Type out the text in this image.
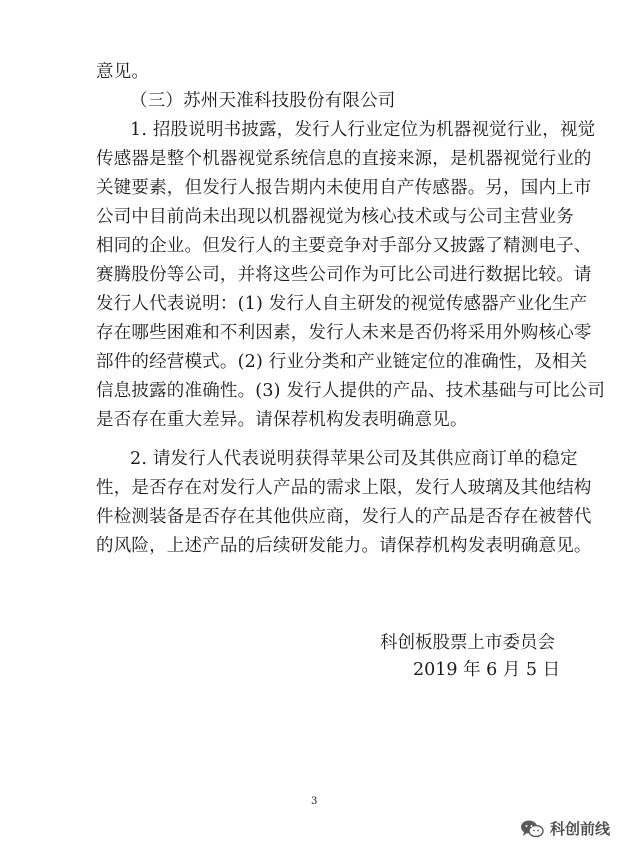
意见。
（三）苏州天准科技股份有限公司
1. 招股说明书披露，发行人行业定位为机器视觉行业，视觉
传感器是整个机器视觉系统信息的直接来源，是机器视觉行业的
关键要素，但发行人报告期内未使用自产传感器。另，国内上市
公司中目前尚未出现以机器视觉为核心技术或与公司主营业务
相同的企业。但发行人的主要竞争对手部分又披露了精测电子、
赛腾股份等公司，并将这些公司作为可比公司进行数据比较。请
发行人代表说明：(1) 发行人自主研发的视觉传感器产业化生产
存在哪些困难和不利因素，发行人未来是否仍将采用外购核心零
部件的经营模式。(2) 行业分类和产业链定位的准确性，及相关
信息披露的准确性。(3) 发行人提供的产品、技术基础与可比公司
是否存在重大差异。请保荐机构发表明确意见。
2. 请发行人代表说明获得苹果公司及其供应商订单的稳定
性，是否存在对发行人产品的需求上限，发行人玻璃及其他结构
件检测装备是否存在其他供应商，发行人的产品是否存在被替代
的风险，上述产品的后续研发能力。请保荐机构发表明确意见。
科创板股票上市委员会
2019 年 6 月 5 日
3
科创前线
